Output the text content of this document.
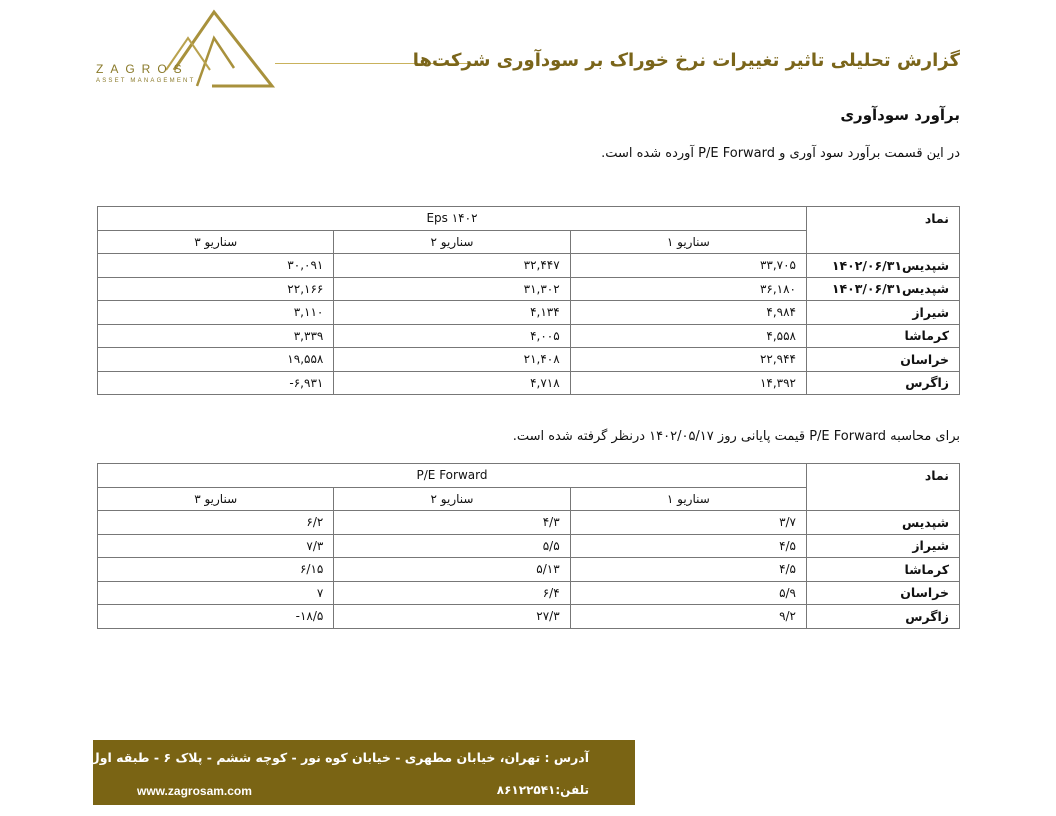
ZAGROS
ASSET MANAGEMENT
گزارش تحلیلی تاثیر تغییرات نرخ خوراک بر سودآوری شرکت‌ها
برآورد سودآوری
در این قسمت برآورد سود آوری و P/E Forward آورده شده است.
نماد	Eps ۱۴۰۲		
	سناریو ۱	سناریو ۲	سناریو ۳
شپدیس۱۴۰۲/۰۶/۳۱	۳۳,۷۰۵	۳۲,۴۴۷	۳۰,۰۹۱
شپدیس۱۴۰۳/۰۶/۳۱	۳۶,۱۸۰	۳۱,۳۰۲	۲۲,۱۶۶
شیراز	۴,۹۸۴	۴,۱۳۴	۳,۱۱۰
کرماشا	۴,۵۵۸	۴,۰۰۵	۳,۳۳۹
خراسان	۲۲,۹۴۴	۲۱,۴۰۸	۱۹,۵۵۸
زاگرس	۱۴,۳۹۲	۴,۷۱۸	-۶,۹۳۱
برای محاسبه P/E Forward قیمت پایانی روز ۱۴۰۲/۰۵/۱۷ درنظر گرفته شده است.
نماد	P/E Forward		
	سناریو ۱	سناریو ۲	سناریو ۳
شپدیس	۳/۷	۴/۳	۶/۲
شیراز	۴/۵	۵/۵	۷/۳
کرماشا	۴/۵	۵/۱۳	۶/۱۵
خراسان	۵/۹	۶/۴	۷
زاگرس	۹/۲	۲۷/۳	-۱۸/۵
آدرس : تهران، خیابان مطهری - خیابان کوه نور - کوچه ششم - پلاک ۶ - طبقه اول
www.zagrosam.com	تلفن:۸۶۱۲۲۵۴۱
